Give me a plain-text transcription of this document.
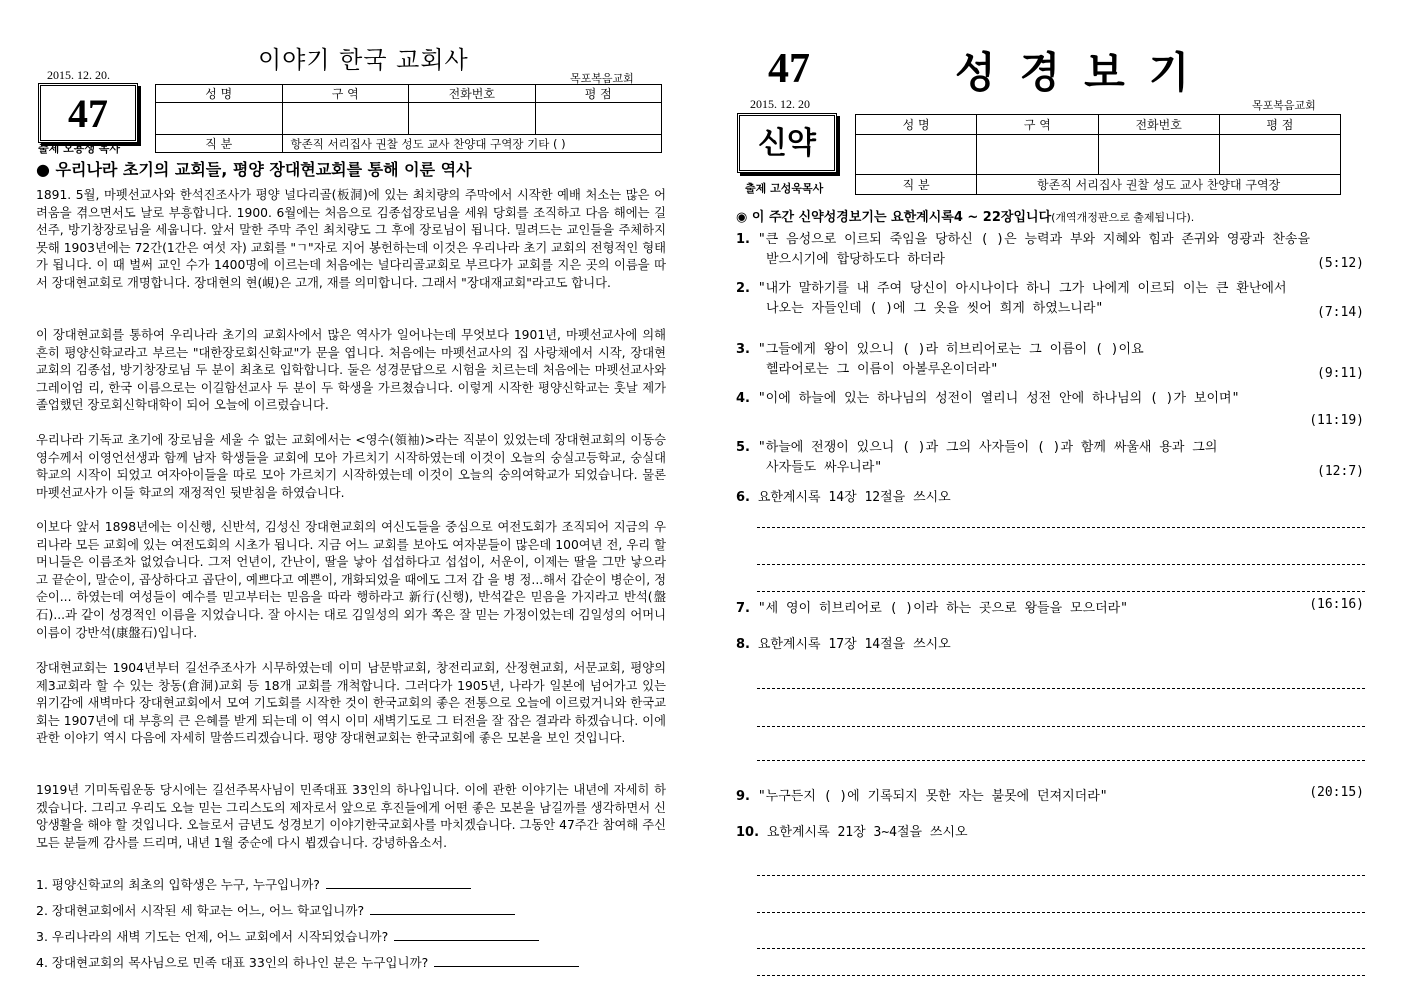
이야기 한국 교회사
2015. 12. 20.	목포복음교회
47
출제 오용생 목사
성 명	구 역	전화번호	평 점

직 분	항존직 서리집사 권찰 성도 교사 찬양대 구역장 기타 ( )		
● 우리나라 초기의 교회들, 평양 장대현교회를 통해 이룬 역사
1891. 5월, 마펫선교사와 한석진조사가 평양 널다리골(板洞)에 있는 최치량의 주막에서 시작한 예배 처소는 많은 어려움을 겪으면서도 날로 부흥합니다. 1900. 6월에는 처음으로 김종섭장로님을 세워 당회를 조직하고 다음 해에는 길선주, 방기창장로님을 세웁니다. 앞서 말한 주막 주인 최치량도 그 후에 장로님이 됩니다. 밀려드는 교인들을 주체하지 못해 1903년에는 72간(1간은 여섯 자) 교회를 "ㄱ"자로 지어 봉헌하는데 이것은 우리나라 초기 교회의 전형적인 형태가 됩니다. 이 때 벌써 교인 수가 1400명에 이르는데 처음에는 널다리골교회로 부르다가 교회를 지은 곳의 이름을 따서 장대현교회로 개명합니다. 장대현의 현(峴)은 고개, 재를 의미합니다. 그래서 "장대재교회"라고도 합니다.
이 장대현교회를 통하여 우리나라 초기의 교회사에서 많은 역사가 일어나는데 무엇보다 1901년, 마펫선교사에 의해 흔히 평양신학교라고 부르는 "대한장로회신학교"가 문을 엽니다. 처음에는 마펫선교사의 집 사랑채에서 시작, 장대현교회의 김종섭, 방기창장로님 두 분이 최초로 입학합니다. 둘은 성경문답으로 시험을 치르는데 처음에는 마펫선교사와 그레이엄 리, 한국 이름으로는 이길함선교사 두 분이 두 학생을 가르쳤습니다. 이렇게 시작한 평양신학교는 훗날 제가 졸업했던 장로회신학대학이 되어 오늘에 이르렀습니다.
우리나라 기독교 초기에 장로님을 세울 수 없는 교회에서는 <영수(領袖)>라는 직분이 있었는데 장대현교회의 이동승영수께서 이영언선생과 함께 남자 학생들을 교회에 모아 가르치기 시작하였는데 이것이 오늘의 숭실고등학교, 숭실대학교의 시작이 되었고 여자아이들을 따로 모아 가르치기 시작하였는데 이것이 오늘의 숭의여학교가 되었습니다. 물론 마펫선교사가 이들 학교의 재정적인 뒷받침을 하였습니다.
이보다 앞서 1898년에는 이신행, 신반석, 김성신 장대현교회의 여신도들을 중심으로 여전도회가 조직되어 지금의 우리나라 모든 교회에 있는 여전도회의 시초가 됩니다. 지금 어느 교회를 보아도 여자분들이 많은데 100여년 전, 우리 할머니들은 이름조차 없었습니다. 그저 언년이, 간난이, 딸을 낳아 섭섭하다고 섭섭이, 서운이, 이제는 딸을 그만 낳으라고 끝순이, 말순이, 곱상하다고 곱단이, 예쁘다고 예쁜이, 개화되었을 때에도 그저 갑 을 병 정...해서 갑순이 병순이, 정순이... 하였는데 여성들이 예수를 믿고부터는 믿음을 따라 행하라고 新行(신행), 반석같은 믿음을 가지라고 반석(盤石)...과 같이 성경적인 이름을 지었습니다. 잘 아시는 대로 김일성의 외가 쪽은 잘 믿는 가정이었는데 김일성의 어머니 이름이 강반석(康盤石)입니다.
장대현교회는 1904년부터 길선주조사가 시무하였는데 이미 남문밖교회, 창전리교회, 산정현교회, 서문교회, 평양의 제3교회라 할 수 있는 창동(倉洞)교회 등 18개 교회를 개척합니다. 그러다가 1905년, 나라가 일본에 넘어가고 있는 위기감에 새벽마다 장대현교회에서 모여 기도회를 시작한 것이 한국교회의 좋은 전통으로 오늘에 이르렀거니와 한국교회는 1907년에 대 부흥의 큰 은혜를 받게 되는데 이 역시 이미 새벽기도로 그 터전을 잘 잡은 결과라 하겠습니다. 이에 관한 이야기 역시 다음에 자세히 말씀드리겠습니다. 평양 장대현교회는 한국교회에 좋은 모본을 보인 것입니다.
1919년 기미독립운동 당시에는 길선주목사님이 민족대표 33인의 하나입니다. 이에 관한 이야기는 내년에 자세히 하겠습니다. 그리고 우리도 오늘 믿는 그리스도의 제자로서 앞으로 후진들에게 어떤 좋은 모본을 남길까를 생각하면서 신앙생활을 해야 할 것입니다. 오늘로서 금년도 성경보기 이야기한국교회사를 마치겠습니다. 그동안 47주간 참여해 주신 모든 분들께 감사를 드리며, 내년 1월 중순에 다시 뵙겠습니다. 강녕하옵소서.
1. 평양신학교의 최초의 입학생은 누구, 누구입니까?
2. 장대현교회에서 시작된 세 학교는 어느, 어느 학교입니까?
3. 우리나라의 새벽 기도는 언제, 어느 교회에서 시작되었습니까?
4. 장대현교회의 목사님으로 민족 대표 33인의 하나인 분은 누구입니까?
47	성경보기
2015. 12. 20	목포복음교회
신약
출제 고성욱목사
성 명	구 역	전화번호	평 점

직 분	항존직 서리집사 권찰 성도 교사 찬양대 구역장		
◉ 이 주간 신약성경보기는 요한계시록4 ~ 22장입니다(개역개정판으로 출제됩니다).
1. "큰 음성으로 이르되 죽임을 당하신 ( )은 능력과 부와 지혜와 힘과 존귀와 영광과 찬송을
받으시기에 합당하도다 하더라	(5:12)
2. "내가 말하기를 내 주여 당신이 아시나이다 하니 그가 나에게 이르되 이는 큰 환난에서
나오는 자들인데 ( )에 그 옷을 씻어 희게 하였느니라"	(7:14)
3. "그들에게 왕이 있으니 ( )라 히브리어로는 그 이름이 ( )이요
헬라어로는 그 이름이 아볼루온이더라"	(9:11)
4. "이에 하늘에 있는 하나님의 성전이 열리니 성전 안에 하나님의 ( )가 보이며"
(11:19)
5. "하늘에 전쟁이 있으니 ( )과 그의 사자들이 ( )과 함께 싸울새 용과 그의
사자들도 싸우니라"	(12:7)
6. 요한계시록 14장 12절을 쓰시오
7. "세 영이 히브리어로 ( )이라 하는 곳으로 왕들을 모으더라"	(16:16)
8. 요한계시록 17장 14절을 쓰시오
9. "누구든지 ( )에 기록되지 못한 자는 불못에 던져지더라"	(20:15)
10. 요한계시록 21장 3~4절을 쓰시오
